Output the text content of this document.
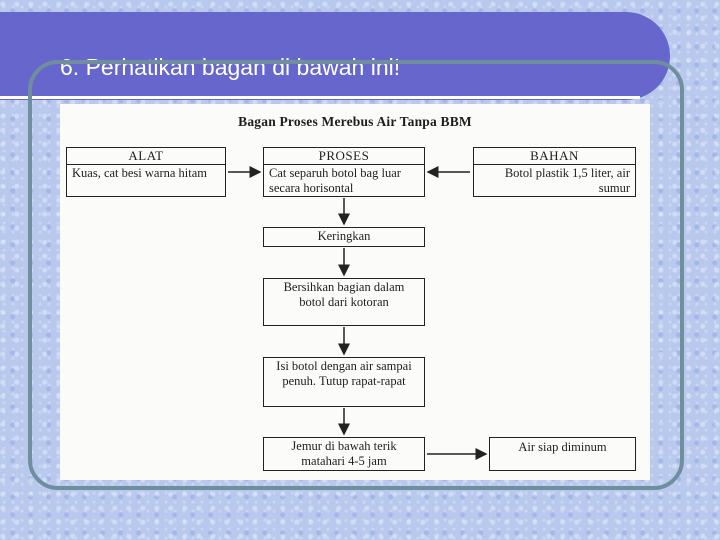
6. Perhatikan bagan di bawah ini!
Bagan Proses Merebus Air Tanpa BBM
ALAT
Kuas, cat besi warna hitam
PROSES
Cat separuh botol bag luar secara horisontal
BAHAN
Botol plastik 1,5 liter, air sumur
Keringkan
Bersihkan bagian dalam botol dari kotoran
Isi botol dengan air sampai penuh. Tutup rapat-rapat
Jemur di bawah terik matahari 4-5 jam
Air siap diminum
